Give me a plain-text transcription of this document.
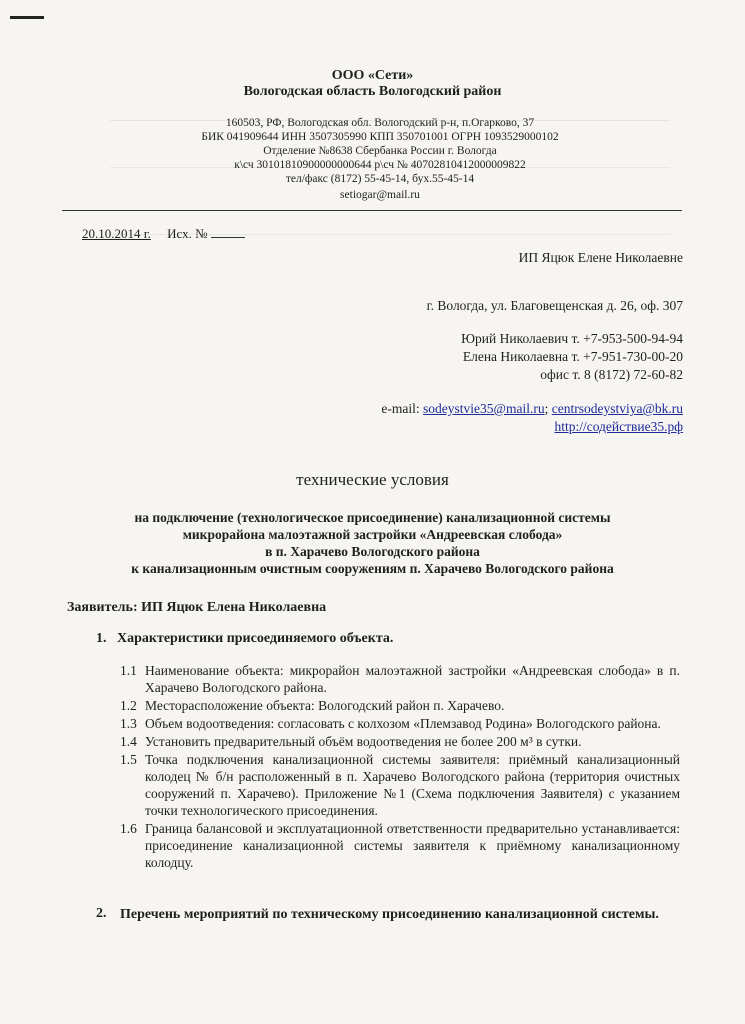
ООО «Сети»
Вологодская область Вологодский район
160503, РФ, Вологодская обл. Вологодский р-н, п.Огарково, 37
БИК 041909644 ИНН 3507305990 КПП 350701001 ОГРН 1093529000102
Отделение №8638 Сбербанка России г. Вологда
к\сч 30101810900000000644 р\сч № 40702810412000009822
тел/факс (8172) 55-45-14, бух.55-45-14
setiogar@mail.ru
20.10.2014 г. Исх. №
ИП Яцюк Елене Николаевне
г. Вологда, ул. Благовещенская д. 26, оф. 307
Юрий Николаевич т. +7-953-500-94-94
Елена Николаевна т. +7-951-730-00-20
офис т. 8 (8172) 72-60-82
e-mail: sodeystvie35@mail.ru; centrsodeystviya@bk.ru
http://содействие35.рф
технические условия
на подключение (технологическое присоединение) канализационной системы
микрорайона малоэтажной застройки «Андреевская слобода»
в п. Харачево Вологодского района
к канализационным очистным сооружениям п. Харачево Вологодского района
Заявитель: ИП Яцюк Елена Николаевна
1. Характеристики присоединяемого объекта.
1.1 Наименование объекта: микрорайон малоэтажной застройки «Андреевская слобода» в п. Харачево Вологодского района.
1.2 Месторасположение объекта: Вологодский район п. Харачево.
1.3 Объем водоотведения: согласовать с колхозом «Племзавод Родина» Вологодского района.
1.4 Установить предварительный объём водоотведения не более 200 м³ в сутки.
1.5 Точка подключения канализационной системы заявителя: приёмный канализационный колодец № б/н расположенный в п. Харачево Вологодского района (территория очистных сооружений п. Харачево). Приложение №1 (Схема подключения Заявителя) с указанием точки технологического присоединения.
1.6 Граница балансовой и эксплуатационной ответственности предварительно устанавливается: присоединение канализационной системы заявителя к приёмному канализационному колодцу.
2. Перечень мероприятий по техническому присоединению канализационной системы.
